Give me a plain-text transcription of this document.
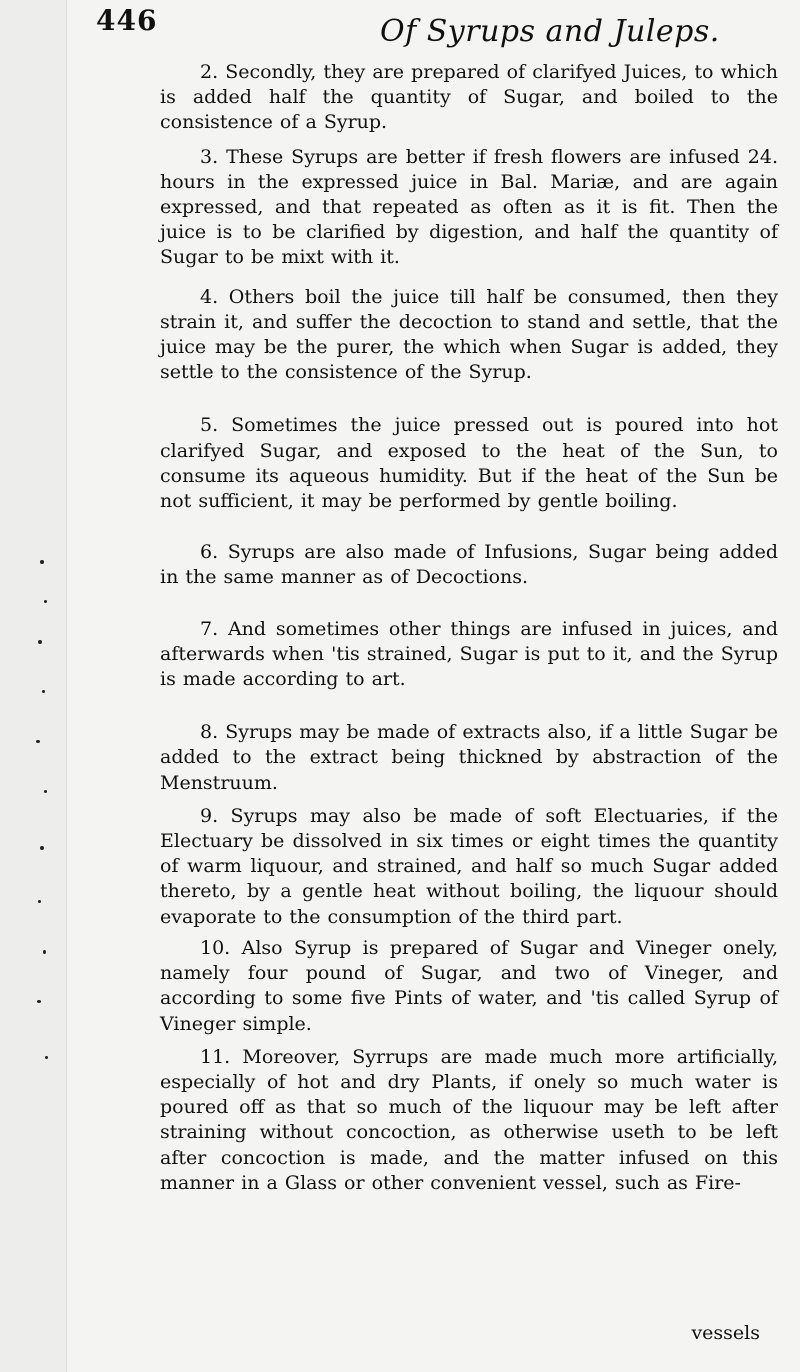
446	Of Syrups and Juleps.

2. Secondly, they are prepared of clarifyed Juices, to which is added half the quantity of Sugar, and boiled to the consistence of a Syrup.

3. These Syrups are better if fresh flowers are infused 24. hours in the expressed juice in Bal. Mariæ, and are again expressed, and that repeated as often as it is fit. Then the juice is to be clarified by digestion, and half the quantity of Sugar to be mixt with it.

4. Others boil the juice till half be consumed, then they strain it, and suffer the decoction to stand and settle, that the juice may be the purer, the which when Sugar is added, they settle to the consistence of the Syrup.

5. Sometimes the juice pressed out is poured into hot clarifyed Sugar, and exposed to the heat of the Sun, to consume its aqueous humidity. But if the heat of the Sun be not sufficient, it may be performed by gentle boiling.

6. Syrups are also made of Infusions, Sugar being added in the same manner as of Decoctions.

7. And sometimes other things are infused in juices, and afterwards when 'tis strained, Sugar is put to it, and the Syrup is made according to art.

8. Syrups may be made of extracts also, if a little Sugar be added to the extract being thickned by abstraction of the Menstruum.

9. Syrups may also be made of soft Electuaries, if the Electuary be dissolved in six times or eight times the quantity of warm liquour, and strained, and half so much Sugar added thereto, by a gentle heat without boiling, the liquour should evaporate to the consumption of the third part.

10. Also Syrup is prepared of Sugar and Vineger onely, namely four pound of Sugar, and two of Vineger, and according to some five Pints of water, and 'tis called Syrup of Vineger simple.

11. Moreover, Syrrups are made much more artificially, especially of hot and dry Plants, if onely so much water is poured off as that so much of the liquour may be left after straining without concoction, as otherwise useth to be left after concoction is made, and the matter infused on this manner in a Glass or other convenient vessel, such as Fire-

vessels
